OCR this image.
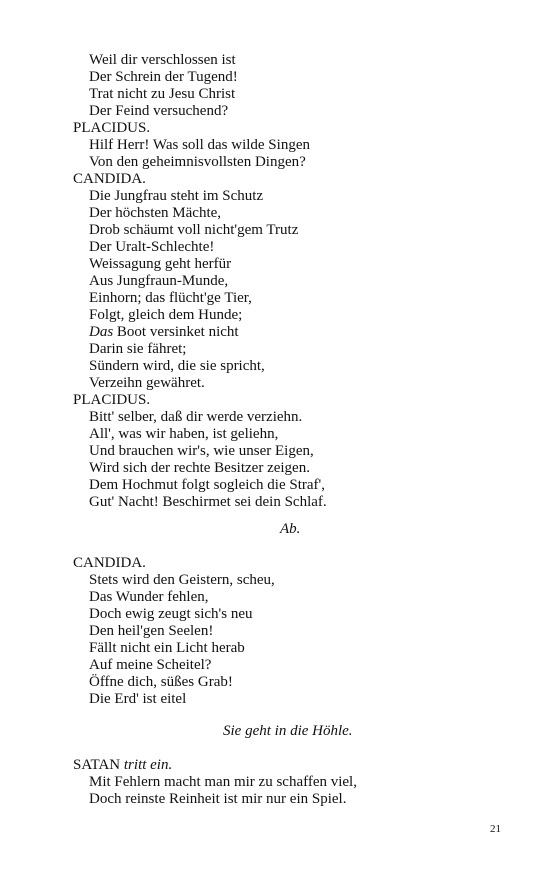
Weil dir verschlossen ist
Der Schrein der Tugend!
Trat nicht zu Jesu Christ
Der Feind versuchend?
PLACIDUS.
Hilf Herr! Was soll das wilde Singen
Von den geheimnisvollsten Dingen?
CANDIDA.
Die Jungfrau steht im Schutz
Der höchsten Mächte,
Drob schäumt voll nicht'gem Trutz
Der Uralt-Schlechte!
Weissagung geht herfür
Aus Jungfraun-Munde,
Einhorn; das flücht'ge Tier,
Folgt, gleich dem Hunde;
Das Boot versinket nicht
Darin sie fähret;
Sündern wird, die sie spricht,
Verzeihn gewähret.
PLACIDUS.
Bitt' selber, daß dir werde verziehn.
All', was wir haben, ist geliehn,
Und brauchen wir's, wie unser Eigen,
Wird sich der rechte Besitzer zeigen.
Dem Hochmut folgt sogleich die Straf',
Gut' Nacht! Beschirmet sei dein Schlaf.
Ab.
CANDIDA.
Stets wird den Geistern, scheu,
Das Wunder fehlen,
Doch ewig zeugt sich's neu
Den heil'gen Seelen!
Fällt nicht ein Licht herab
Auf meine Scheitel?
Öffne dich, süßes Grab!
Die Erd' ist eitel
Sie geht in die Höhle.
SATAN tritt ein.
Mit Fehlern macht man mir zu schaffen viel,
Doch reinste Reinheit ist mir nur ein Spiel.
21
